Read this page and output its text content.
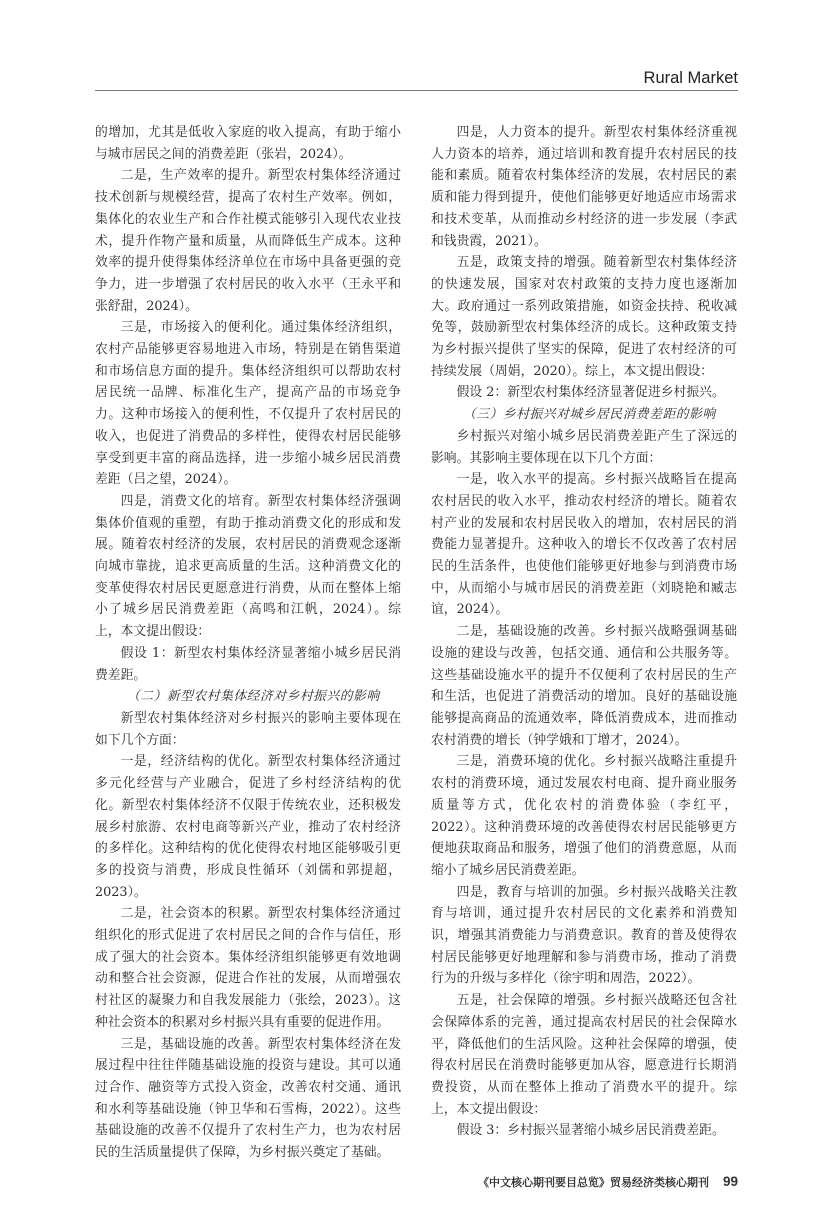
Rural Market

的增加，尤其是低收入家庭的收入提高，有助于缩小与城市居民之间的消费差距（张岩，2024）。

二是，生产效率的提升。新型农村集体经济通过技术创新与规模经营，提高了农村生产效率。例如，集体化的农业生产和合作社模式能够引入现代农业技术，提升作物产量和质量，从而降低生产成本。这种效率的提升使得集体经济单位在市场中具备更强的竞争力，进一步增强了农村居民的收入水平（王永平和张舒甜，2024）。

三是，市场接入的便利化。通过集体经济组织，农村产品能够更容易地进入市场，特别是在销售渠道和市场信息方面的提升。集体经济组织可以帮助农村居民统一品牌、标准化生产，提高产品的市场竞争力。这种市场接入的便利性，不仅提升了农村居民的收入，也促进了消费品的多样性，使得农村居民能够享受到更丰富的商品选择，进一步缩小城乡居民消费差距（吕之望，2024）。

四是，消费文化的培育。新型农村集体经济强调集体价值观的重塑，有助于推动消费文化的形成和发展。随着农村经济的发展，农村居民的消费观念逐渐向城市靠拢，追求更高质量的生活。这种消费文化的变革使得农村居民更愿意进行消费，从而在整体上缩小了城乡居民消费差距（高鸣和江帆，2024）。综上，本文提出假设：

假设 1：新型农村集体经济显著缩小城乡居民消费差距。

（二）新型农村集体经济对乡村振兴的影响

新型农村集体经济对乡村振兴的影响主要体现在如下几个方面：

一是，经济结构的优化。新型农村集体经济通过多元化经营与产业融合，促进了乡村经济结构的优化。新型农村集体经济不仅限于传统农业，还积极发展乡村旅游、农村电商等新兴产业，推动了农村经济的多样化。这种结构的优化使得农村地区能够吸引更多的投资与消费，形成良性循环（刘儒和郭提超，2023）。

二是，社会资本的积累。新型农村集体经济通过组织化的形式促进了农村居民之间的合作与信任，形成了强大的社会资本。集体经济组织能够更有效地调动和整合社会资源，促进合作社的发展，从而增强农村社区的凝聚力和自我发展能力（张绘，2023）。这种社会资本的积累对乡村振兴具有重要的促进作用。

三是，基础设施的改善。新型农村集体经济在发展过程中往往伴随基础设施的投资与建设。其可以通过合作、融资等方式投入资金，改善农村交通、通讯和水利等基础设施（钟卫华和石雪梅，2022）。这些基础设施的改善不仅提升了农村生产力，也为农村居民的生活质量提供了保障，为乡村振兴奠定了基础。

四是，人力资本的提升。新型农村集体经济重视人力资本的培养，通过培训和教育提升农村居民的技能和素质。随着农村集体经济的发展，农村居民的素质和能力得到提升，使他们能够更好地适应市场需求和技术变革，从而推动乡村经济的进一步发展（李武和钱贵霞，2021）。

五是，政策支持的增强。随着新型农村集体经济的快速发展，国家对农村政策的支持力度也逐渐加大。政府通过一系列政策措施，如资金扶持、税收减免等，鼓励新型农村集体经济的成长。这种政策支持为乡村振兴提供了坚实的保障，促进了农村经济的可持续发展（周娟，2020）。综上，本文提出假设：

假设 2：新型农村集体经济显著促进乡村振兴。

（三）乡村振兴对城乡居民消费差距的影响

乡村振兴对缩小城乡居民消费差距产生了深远的影响。其影响主要体现在以下几个方面：

一是，收入水平的提高。乡村振兴战略旨在提高农村居民的收入水平，推动农村经济的增长。随着农村产业的发展和农村居民收入的增加，农村居民的消费能力显著提升。这种收入的增长不仅改善了农村居民的生活条件，也使他们能够更好地参与到消费市场中，从而缩小与城市居民的消费差距（刘晓艳和臧志谊，2024）。

二是，基础设施的改善。乡村振兴战略强调基础设施的建设与改善，包括交通、通信和公共服务等。这些基础设施水平的提升不仅便利了农村居民的生产和生活，也促进了消费活动的增加。良好的基础设施能够提高商品的流通效率，降低消费成本，进而推动农村消费的增长（钟学娥和丁增才，2024）。

三是，消费环境的优化。乡村振兴战略注重提升农村的消费环境，通过发展农村电商、提升商业服务质量等方式，优化农村的消费体验（李红平，2022）。这种消费环境的改善使得农村居民能够更方便地获取商品和服务，增强了他们的消费意愿，从而缩小了城乡居民消费差距。

四是，教育与培训的加强。乡村振兴战略关注教育与培训，通过提升农村居民的文化素养和消费知识，增强其消费能力与消费意识。教育的普及使得农村居民能够更好地理解和参与消费市场，推动了消费行为的升级与多样化（徐宇明和周浩，2022）。

五是，社会保障的增强。乡村振兴战略还包含社会保障体系的完善，通过提高农村居民的社会保障水平，降低他们的生活风险。这种社会保障的增强，使得农村居民在消费时能够更加从容，愿意进行长期消费投资，从而在整体上推动了消费水平的提升。综上，本文提出假设：

假设 3：乡村振兴显著缩小城乡居民消费差距。

《中文核心期刊要目总览》贸易经济类核心期刊 99
